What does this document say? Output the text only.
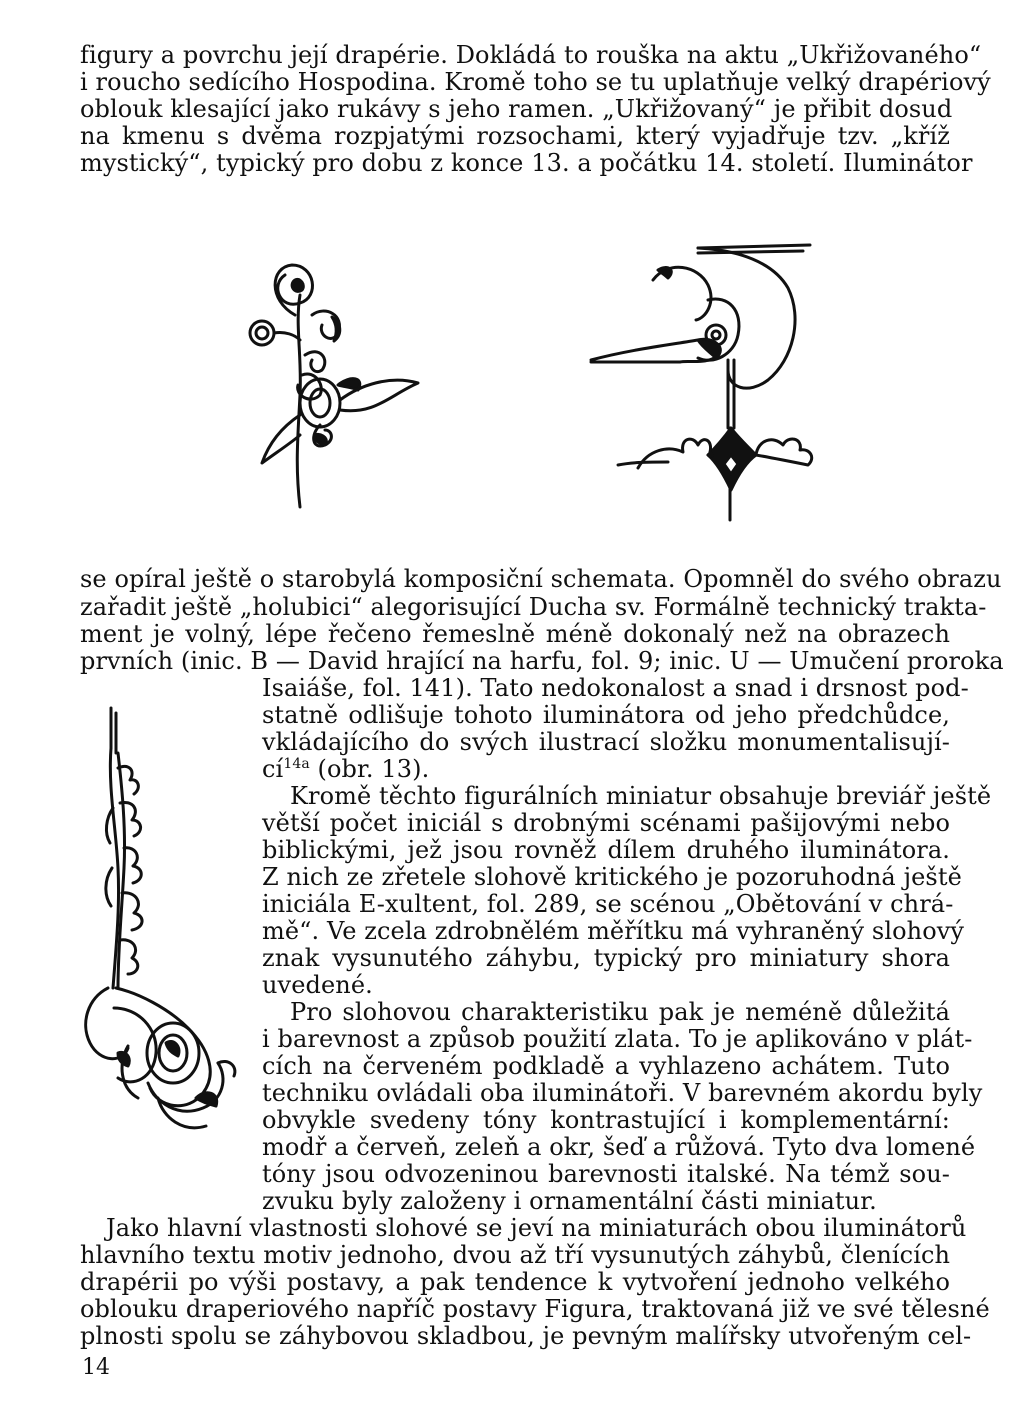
figury a povrchu její drapérie. Dokládá to rouška na aktu „Ukřižovaného“
i roucho sedícího Hospodina. Kromě toho se tu uplatňuje velký drapériový
oblouk klesající jako rukávy s jeho ramen. „Ukřižovaný“ je přibit dosud
na kmenu s dvěma rozpjatými rozsochami, který vyjadřuje tzv. „kříž
mystický“, typický pro dobu z konce 13. a počátku 14. století. Iluminátor
se opíral ještě o starobylá komposiční schemata. Opomněl do svého obrazu
zařadit ještě „holubici“ alegorisující Ducha sv. Formálně technický trakta-
ment je volný, lépe řečeno řemeslně méně dokonalý než na obrazech
prvních (inic. B — David hrající na harfu, fol. 9; inic. U — Umučení proroka
Isaiáše, fol. 141). Tato nedokonalost a snad i drsnost pod-
statně odlišuje tohoto iluminátora od jeho předchůdce,
vkládajícího do svých ilustrací složku monumentalisují-
$cí^{14a}$ (obr. 13).
Kromě těchto figurálních miniatur obsahuje breviář ještě
větší počet iniciál s drobnými scénami pašijovými nebo
biblickými, jež jsou rovněž dílem druhého iluminátora.
Z nich ze zřetele slohově kritického je pozoruhodná ještě
iniciála E-xultent, fol. 289, se scénou „Obětování v chrá-
mě“. Ve zcela zdrobnělém měřítku má vyhraněný slohový
znak vysunutého záhybu, typický pro miniatury shora
uvedené.
Pro slohovou charakteristiku pak je neméně důležitá
i barevnost a způsob použití zlata. To je aplikováno v plát-
cích na červeném podkladě a vyhlazeno achátem. Tuto
techniku ovládali oba iluminátoři. V barevném akordu byly
obvykle svedeny tóny kontrastující i komplementární:
modř a červeň, zeleň a okr, šeď a růžová. Tyto dva lomené
tóny jsou odvozeninou barevnosti italské. Na témž sou-
zvuku byly založeny i ornamentální části miniatur.
Jako hlavní vlastnosti slohové se jeví na miniaturách obou iluminátorů
hlavního textu motiv jednoho, dvou až tří vysunutých záhybů, členících
drapérii po výši postavy, a pak tendence k vytvoření jednoho velkého
oblouku draperiového napříč postavy Figura, traktovaná již ve své tělesné
plnosti spolu se záhybovou skladbou, je pevným malířsky utvořeným cel-
14
